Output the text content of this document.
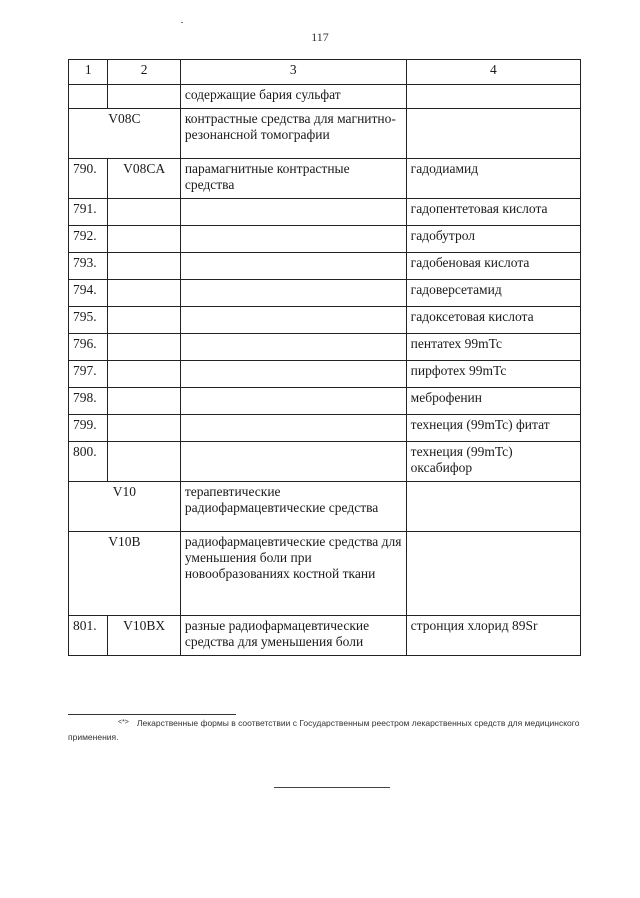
117
1	2	3	4
		содержащие бария сульфат	
V08C		контрастные средства для магнитно-резонансной томографии	
790.	V08CA	парамагнитные контрастные средства	гадодиамид
791.			гадопентетовая кислота
792.			гадобутрол
793.			гадобеновая кислота
794.			гадоверсетамид
795.			гадоксетовая кислота
796.			пентатех 99mTc
797.			пирфотех 99mTc
798.			меброфенин
799.			технеция (99mTc) фитат
800.			технеция (99mTc) оксабифор
V10		терапевтические радиофармацевтические средства	
V10B		радиофармацевтические средства для уменьшения боли при новообразованиях костной ткани	
801.	V10BX	разные радиофармацевтические средства для уменьшения боли	стронция хлорид 89Sr
<*> Лекарственные формы в соответствии с Государственным реестром лекарственных средств для медицинского применения.
